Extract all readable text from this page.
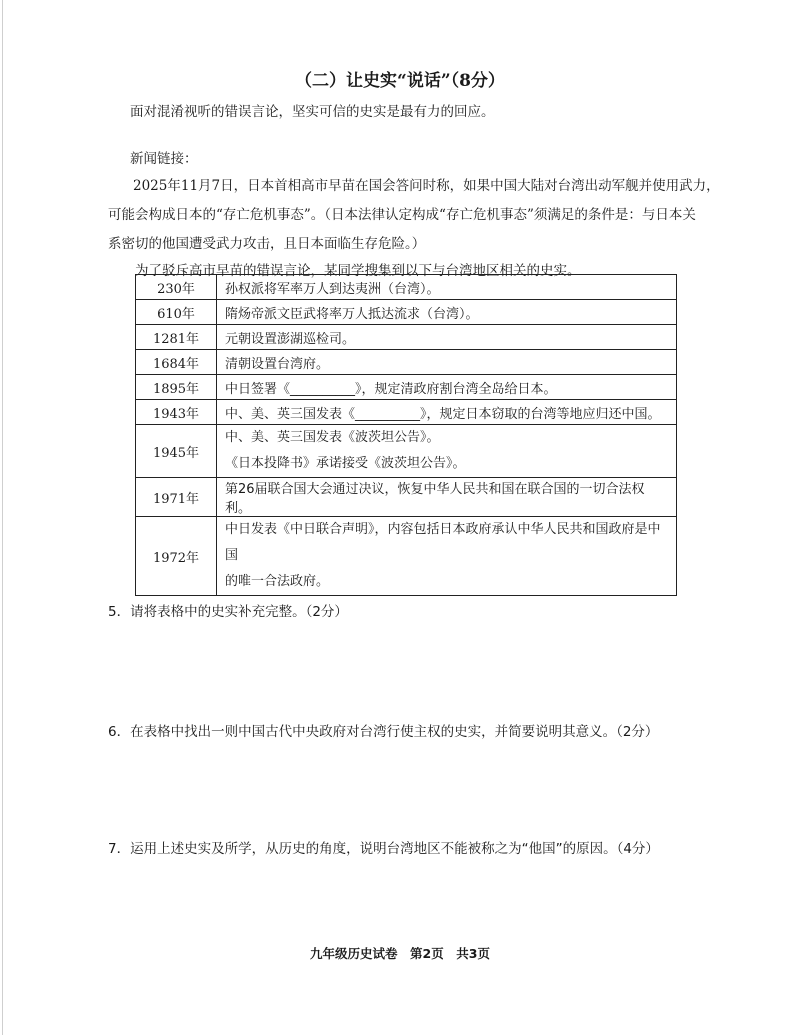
（二）让史实“说话”（8分）
面对混淆视听的错误言论，坚实可信的史实是最有力的回应。
新闻链接：
2025年11月7日，日本首相高市早苗在国会答问时称，如果中国大陆对台湾出动军舰并使用武力，
可能会构成日本的“存亡危机事态”。（日本法律认定构成“存亡危机事态”须满足的条件是：与日本关
系密切的他国遭受武力攻击，且日本面临生存危险。）
为了驳斥高市早苗的错误言论，某同学搜集到以下与台湾地区相关的史实。
230年	孙权派将军率万人到达夷洲（台湾）。
610年	隋炀帝派文臣武将率万人抵达流求（台湾）。
1281年	元朝设置澎湖巡检司。
1684年	清朝设置台湾府。
1895年	中日签署《__________》，规定清政府割台湾全岛给日本。
1943年	中、美、英三国发表《__________》，规定日本窃取的台湾等地应归还中国。
1945年	中、美、英三国发表《波茨坦公告》。
《日本投降书》承诺接受《波茨坦公告》。

1971年	第26届联合国大会通过决议，恢复中华人民共和国在联合国的一切合法权利。
1972年	中日发表《中日联合声明》，内容包括日本政府承认中华人民共和国政府是中国
的唯一合法政府。
5．请将表格中的史实补充完整。（2分）
6．在表格中找出一则中国古代中央政府对台湾行使主权的史实，并简要说明其意义。（2分）
7．运用上述史实及所学，从历史的角度，说明台湾地区不能被称之为“他国”的原因。（4分）
九年级历史试卷　第2页　共3页
